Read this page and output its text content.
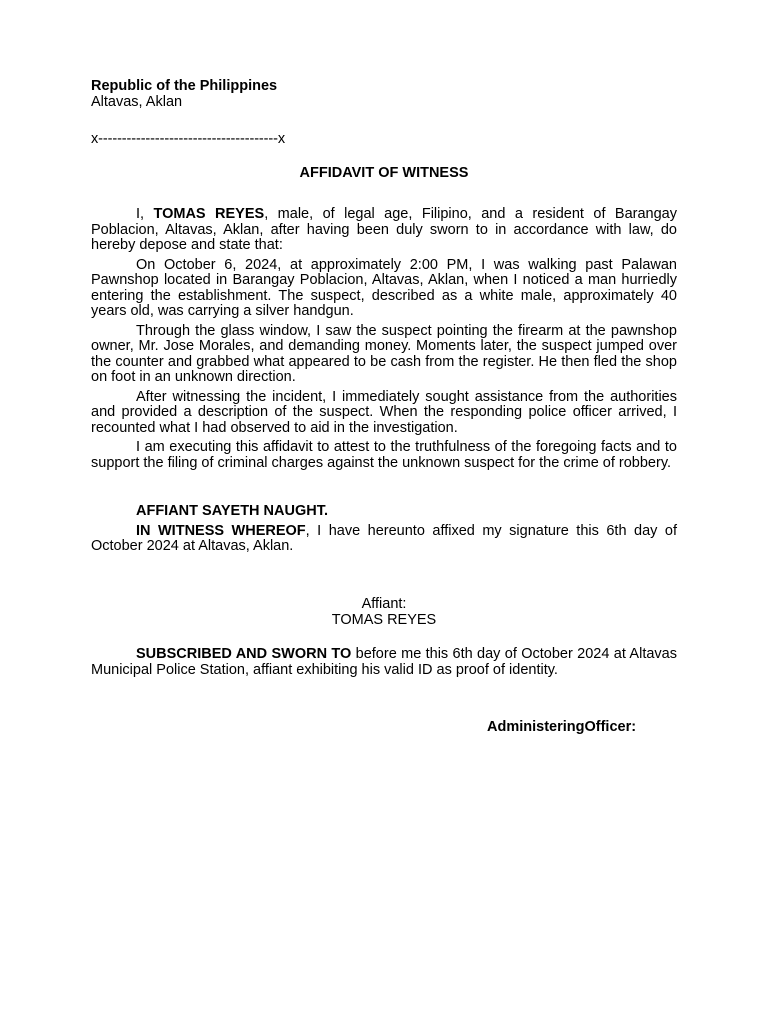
Republic of the Philippines
Altavas, Aklan
x--------------------------------------x
AFFIDAVIT OF WITNESS

I, TOMAS REYES, male, of legal age, Filipino, and a resident of Barangay Poblacion, Altavas, Aklan, after having been duly sworn to in accordance with law, do hereby depose and state that:

On October 6, 2024, at approximately 2:00 PM, I was walking past Palawan Pawnshop located in Barangay Poblacion, Altavas, Aklan, when I noticed a man hurriedly entering the establishment. The suspect, described as a white male, approximately 40 years old, was carrying a silver handgun.

Through the glass window, I saw the suspect pointing the firearm at the pawnshop owner, Mr. Jose Morales, and demanding money. Moments later, the suspect jumped over the counter and grabbed what appeared to be cash from the register. He then fled the shop on foot in an unknown direction.

After witnessing the incident, I immediately sought assistance from the authorities and provided a description of the suspect. When the responding police officer arrived, I recounted what I had observed to aid in the investigation.

I am executing this affidavit to attest to the truthfulness of the foregoing facts and to support the filing of criminal charges against the unknown suspect for the crime of robbery.

AFFIANT SAYETH NAUGHT.

IN WITNESS WHEREOF, I have hereunto affixed my signature this 6th day of October 2024 at Altavas, Aklan.

Affiant:
TOMAS REYES

SUBSCRIBED AND SWORN TO before me this 6th day of October 2024 at Altavas Municipal Police Station, affiant exhibiting his valid ID as proof of identity.

AdministeringOfficer:
